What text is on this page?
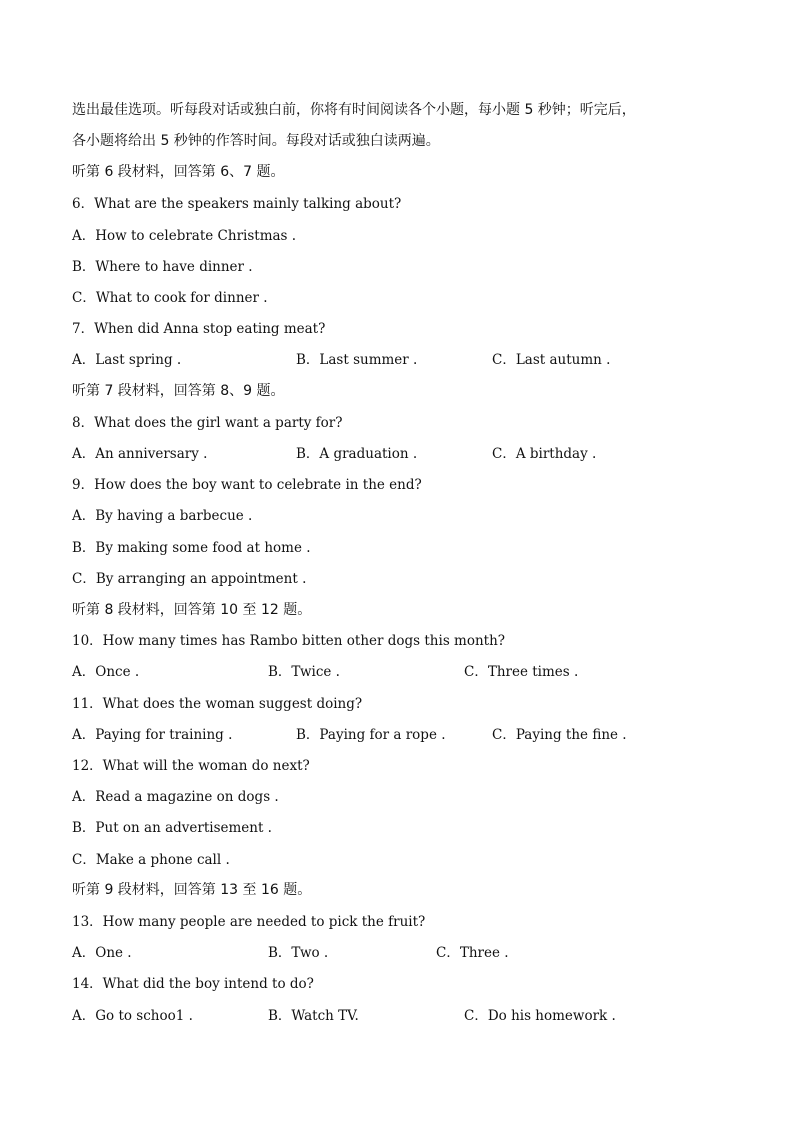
选出最佳选项。听每段对话或独白前，你将有时间阅读各个小题，每小题 5 秒钟；听完后，
各小题将给出 5 秒钟的作答时间。每段对话或独白读两遍。
听第 6 段材料，回答第 6、7 题。
6．What are the speakers mainly talking about?
A．How to celebrate Christmas .
B．Where to have dinner .
C．What to cook for dinner .
7．When did Anna stop eating meat?
A．Last spring .	B．Last summer .	C．Last autumn .
听第 7 段材料，回答第 8、9 题。
8．What does the girl want a party for?
A．An anniversary .	B．A graduation .	C．A birthday .
9．How does the boy want to celebrate in the end?
A．By having a barbecue .
B．By making some food at home .
C．By arranging an appointment .
听第 8 段材料，回答第 10 至 12 题。
10．How many times has Rambo bitten other dogs this month?
A．Once .	B．Twice .	C．Three times .
11．What does the woman suggest doing?
A．Paying for training .	B．Paying for a rope .	C．Paying the fine .
12．What will the woman do next?
A．Read a magazine on dogs .
B．Put on an advertisement .
C．Make a phone call .
听第 9 段材料，回答第 13 至 16 题。
13．How many people are needed to pick the fruit?
A．One .	B．Two .	C．Three .
14．What did the boy intend to do?
A．Go to schoo1 .	B．Watch TV.	C．Do his homework .
